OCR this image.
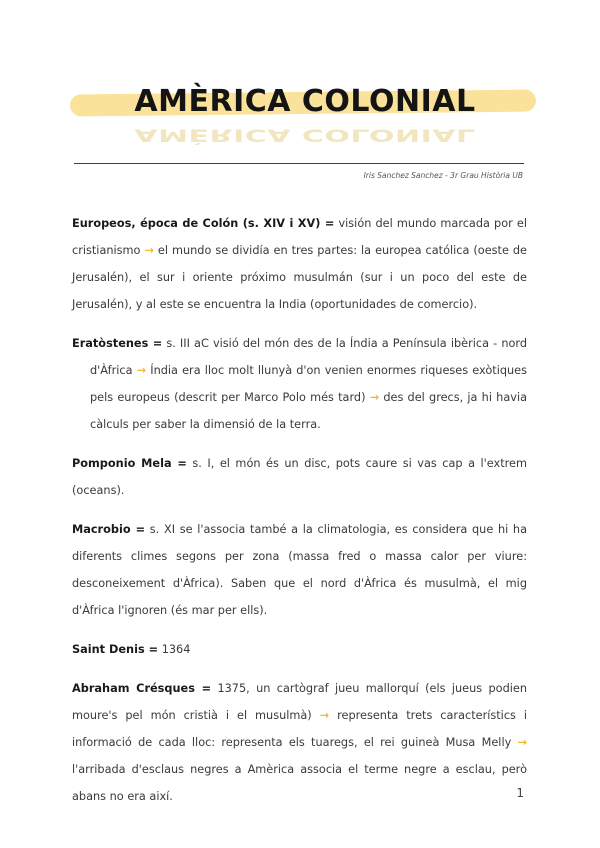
AMÈRICA COLONIAL
AMÈRICA COLONIAL
Iris Sanchez Sanchez - 3r Grau Història UB

Europeos, época de Colón (s. XIV i XV) = visión del mundo marcada por el cristianismo → el mundo se dividía en tres partes: la europea católica (oeste de Jerusalén), el sur i oriente próximo musulmán (sur i un poco del este de Jerusalén), y al este se encuentra la India (oportunidades de comercio).

Eratòstenes = s. III aC visió del món des de la Índia a Península ibèrica - nord d'Àfrica → Índia era lloc molt llunyà d'on venien enormes riqueses exòtiques pels europeus (descrit per Marco Polo més tard) → des del grecs, ja hi havia càlculs per saber la dimensió de la terra.

Pomponio Mela = s. I, el món és un disc, pots caure si vas cap a l'extrem (oceans).

Macrobio = s. XI se l'associa també a la climatologia, es considera que hi ha diferents climes segons per zona (massa fred o massa calor per viure: desconeixement d'Àfrica). Saben que el nord d'Àfrica és musulmà, el mig d'Àfrica l'ignoren (és mar per ells).

Saint Denis = 1364

Abraham Crésques = 1375, un cartògraf jueu mallorquí (els jueus podien moure's pel món cristià i el musulmà) → representa trets característics i informació de cada lloc: representa els tuaregs, el rei guineà Musa Melly → l'arribada d'esclaus negres a Amèrica associa el terme negre a esclau, però abans no era així.	1
